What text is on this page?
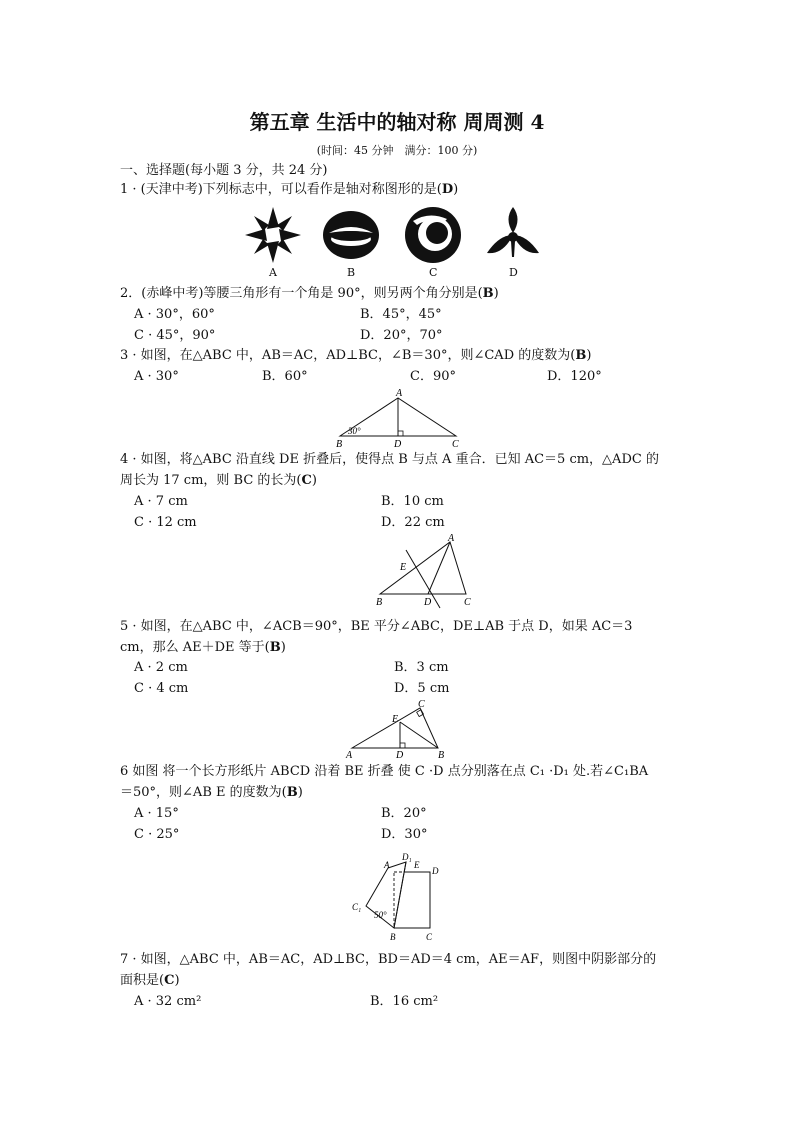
第五章 生活中的轴对称 周周测 4
(时间：45 分钟　满分：100 分)
一、选择题(每小题 3 分，共 24 分)
1 · (天津中考)下列标志中，可以看作是轴对称图形的是(D)
A	B	C	D
2．(赤峰中考)等腰三角形有一个角是 90°，则另两个角分别是(B)
A · 30°，60°	B．45°，45°
C · 45°，90°	D．20°，70°
3 · 如图，在△ABC 中，AB＝AC，AD⊥BC，∠B＝30°，则∠CAD 的度数为(B)
A · 30°	B．60°	C．90°	D．120°
A
B	D	C
30°
4 · 如图，将△ABC 沿直线 DE 折叠后，使得点 B 与点 A 重合．已知 AC＝5 cm，△ADC 的
周长为 17 cm，则 BC 的长为(C)
A · 7 cm	B．10 cm
C · 12 cm	D．22 cm
A
E
B	D	C
5 · 如图，在△ABC 中，∠ACB＝90°，BE 平分∠ABC，DE⊥AB 于点 D，如果 AC＝3
cm，那么 AE＋DE 等于(B)
A · 2 cm	B．3 cm
C · 4 cm	D．5 cm
C
E
A	D	B
6 如图 将一个长方形纸片 ABCD 沿着 BE 折叠 使 C ·D 点分别落在点 C₁ ·D₁ 处.若∠C₁BA
＝50°，则∠AB E 的度数为(B)
A · 15°	B．20°
C · 25°	D．30°
D₁
E
D
A
C₁
50°
B	C
7 · 如图，△ABC 中，AB＝AC，AD⊥BC，BD＝AD＝4 cm，AE＝AF，则图中阴影部分的
面积是(C)
A · 32 cm²	B．16 cm²
